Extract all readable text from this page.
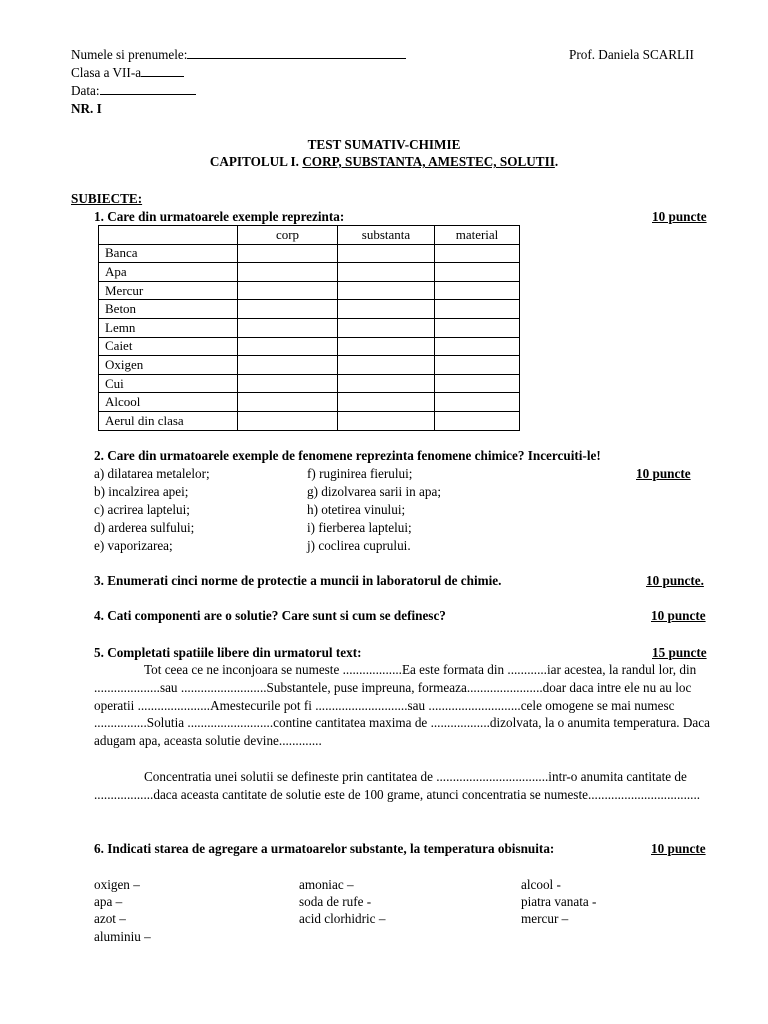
Numele si prenumele:	Prof. Daniela SCARLII
Clasa a VII-a
Data:
NR. I
TEST SUMATIV-CHIMIE
CAPITOLUL I. CORP, SUBSTANTA, AMESTEC, SOLUTII.
SUBIECTE:
1. Care din urmatoarele exemple reprezinta:	10 puncte
	corp	substanta	material
Banca			
Apa			
Mercur			
Beton			
Lemn			
Caiet			
Oxigen			
Cui			
Alcool			
Aerul din clasa			
2. Care din urmatoarele exemple de fenomene reprezinta fenomene chimice? Incercuiti-le!
10 puncte
a) dilatarea metalelor;
b) incalzirea apei;
c) acrirea laptelui;
d) arderea sulfului;
e) vaporizarea;
f) ruginirea fierului;
g) dizolvarea sarii in apa;
h) otetirea vinului;
i) fierberea laptelui;
j) coclirea cuprului.
3. Enumerati cinci norme de protectie a muncii in laboratorul de chimie.	10 puncte.
4. Cati componenti are o solutie? Care sunt si cum se definesc?	10 puncte
5. Completati spatiile libere din urmatorul text:	15 puncte
Tot ceea ce ne inconjoara se numeste ..................Ea este formata din ............iar acestea, la randul lor, din ....................sau ..........................Substantele, puse impreuna, formeaza.......................doar daca intre ele nu au loc operatii ......................Amestecurile pot fi ............................sau ............................cele omogene se mai numesc ................Solutia ..........................contine cantitatea maxima de ..................dizolvata, la o anumita temperatura. Daca adugam apa, aceasta solutie devine.............
Concentratia unei solutii se defineste prin cantitatea de ..................................intr-o anumita cantitate de ..................daca aceasta cantitate de solutie este de 100 grame, atunci concentratia se numeste..................................
6. Indicati starea de agregare a urmatoarelor substante, la temperatura obisnuita:	10 puncte
oxigen –
apa –
azot –
aluminiu –
amoniac –
soda de rufe -
acid clorhidric –
alcool -
piatra vanata -
mercur –
